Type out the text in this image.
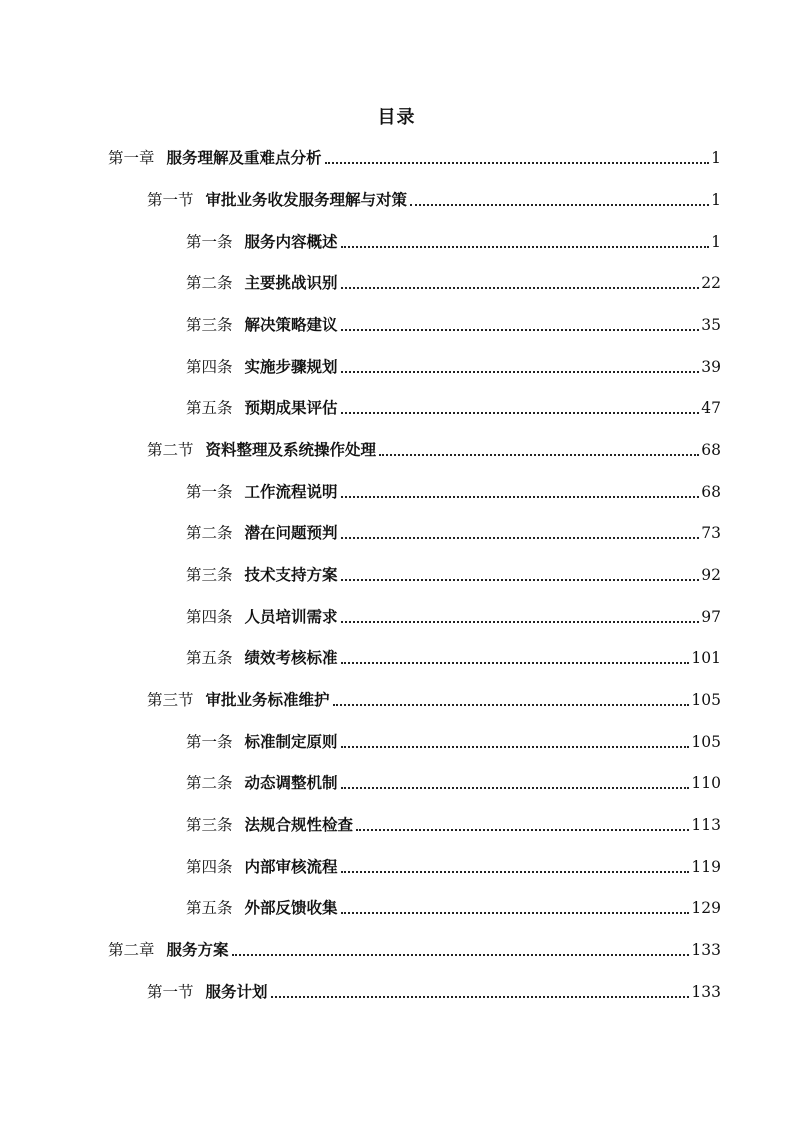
目录
第一章 服务理解及重难点分析	1
第一节 审批业务收发服务理解与对策	1
第一条 服务内容概述	1
第二条 主要挑战识别	22
第三条 解决策略建议	35
第四条 实施步骤规划	39
第五条 预期成果评估	47
第二节 资料整理及系统操作处理	68
第一条 工作流程说明	68
第二条 潜在问题预判	73
第三条 技术支持方案	92
第四条 人员培训需求	97
第五条 绩效考核标准	101
第三节 审批业务标准维护	105
第一条 标准制定原则	105
第二条 动态调整机制	110
第三条 法规合规性检查	113
第四条 内部审核流程	119
第五条 外部反馈收集	129
第二章 服务方案	133
第一节 服务计划	133
